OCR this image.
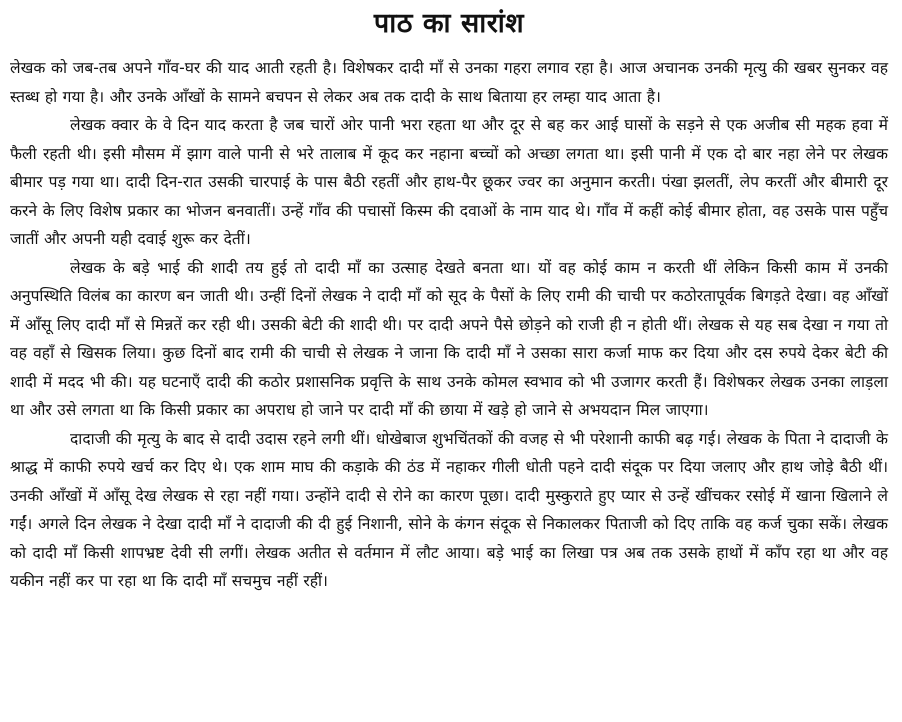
पाठ का सारांश

लेखक को जब-तब अपने गाँव-घर की याद आती रहती है। विशेषकर दादी माँ से उनका गहरा लगाव रहा है। आज अचानक उनकी मृत्यु की खबर सुनकर वह स्तब्ध हो गया है। और उनके आँखों के सामने बचपन से लेकर अब तक दादी के साथ बिताया हर लम्हा याद आता है।

लेखक क्वार के वे दिन याद करता है जब चारों ओर पानी भरा रहता था और दूर से बह कर आई घासों के सड़ने से एक अजीब सी महक हवा में फैली रहती थी। इसी मौसम में झाग वाले पानी से भरे तालाब में कूद कर नहाना बच्चों को अच्छा लगता था। इसी पानी में एक दो बार नहा लेने पर लेखक बीमार पड़ गया था। दादी दिन-रात उसकी चारपाई के पास बैठी रहतीं और हाथ-पैर छूकर ज्वर का अनुमान करती। पंखा झलतीं, लेप करतीं और बीमारी दूर करने के लिए विशेष प्रकार का भोजन बनवातीं। उन्हें गाँव की पचासों किस्म की दवाओं के नाम याद थे। गाँव में कहीं कोई बीमार होता, वह उसके पास पहुँच जातीं और अपनी यही दवाई शुरू कर देतीं।

लेखक के बड़े भाई की शादी तय हुई तो दादी माँ का उत्साह देखते बनता था। यों वह कोई काम न करती थीं लेकिन किसी काम में उनकी अनुपस्थिति विलंब का कारण बन जाती थी। उन्हीं दिनों लेखक ने दादी माँ को सूद के पैसों के लिए रामी की चाची पर कठोरतापूर्वक बिगड़ते देखा। वह आँखों में आँसू लिए दादी माँ से मिन्नतें कर रही थी। उसकी बेटी की शादी थी। पर दादी अपने पैसे छोड़ने को राजी ही न होती थीं। लेखक से यह सब देखा न गया तो वह वहाँ से खिसक लिया। कुछ दिनों बाद रामी की चाची से लेखक ने जाना कि दादी माँ ने उसका सारा कर्जा माफ कर दिया और दस रुपये देकर बेटी की शादी में मदद भी की। यह घटनाएँ दादी की कठोर प्रशासनिक प्रवृत्ति के साथ उनके कोमल स्वभाव को भी उजागर करती हैं। विशेषकर लेखक उनका लाड़ला था और उसे लगता था कि किसी प्रकार का अपराध हो जाने पर दादी माँ की छाया में खड़े हो जाने से अभयदान मिल जाएगा।

दादाजी की मृत्यु के बाद से दादी उदास रहने लगी थीं। धोखेबाज शुभचिंतकों की वजह से भी परेशानी काफी बढ़ गई। लेखक के पिता ने दादाजी के श्राद्ध में काफी रुपये खर्च कर दिए थे। एक शाम माघ की कड़ाके की ठंड में नहाकर गीली धोती पहने दादी संदूक पर दिया जलाए और हाथ जोड़े बैठी थीं। उनकी आँखों में आँसू देख लेखक से रहा नहीं गया। उन्होंने दादी से रोने का कारण पूछा। दादी मुस्कुराते हुए प्यार से उन्हें खींचकर रसोई में खाना खिलाने ले गईं। अगले दिन लेखक ने देखा दादी माँ ने दादाजी की दी हुई निशानी, सोने के कंगन संदूक से निकालकर पिताजी को दिए ताकि वह कर्ज चुका सकें। लेखक को दादी माँ किसी शापभ्रष्ट देवी सी लगीं। लेखक अतीत से वर्तमान में लौट आया। बड़े भाई का लिखा पत्र अब तक उसके हाथों में काँप रहा था और वह यकीन नहीं कर पा रहा था कि दादी माँ सचमुच नहीं रहीं।
